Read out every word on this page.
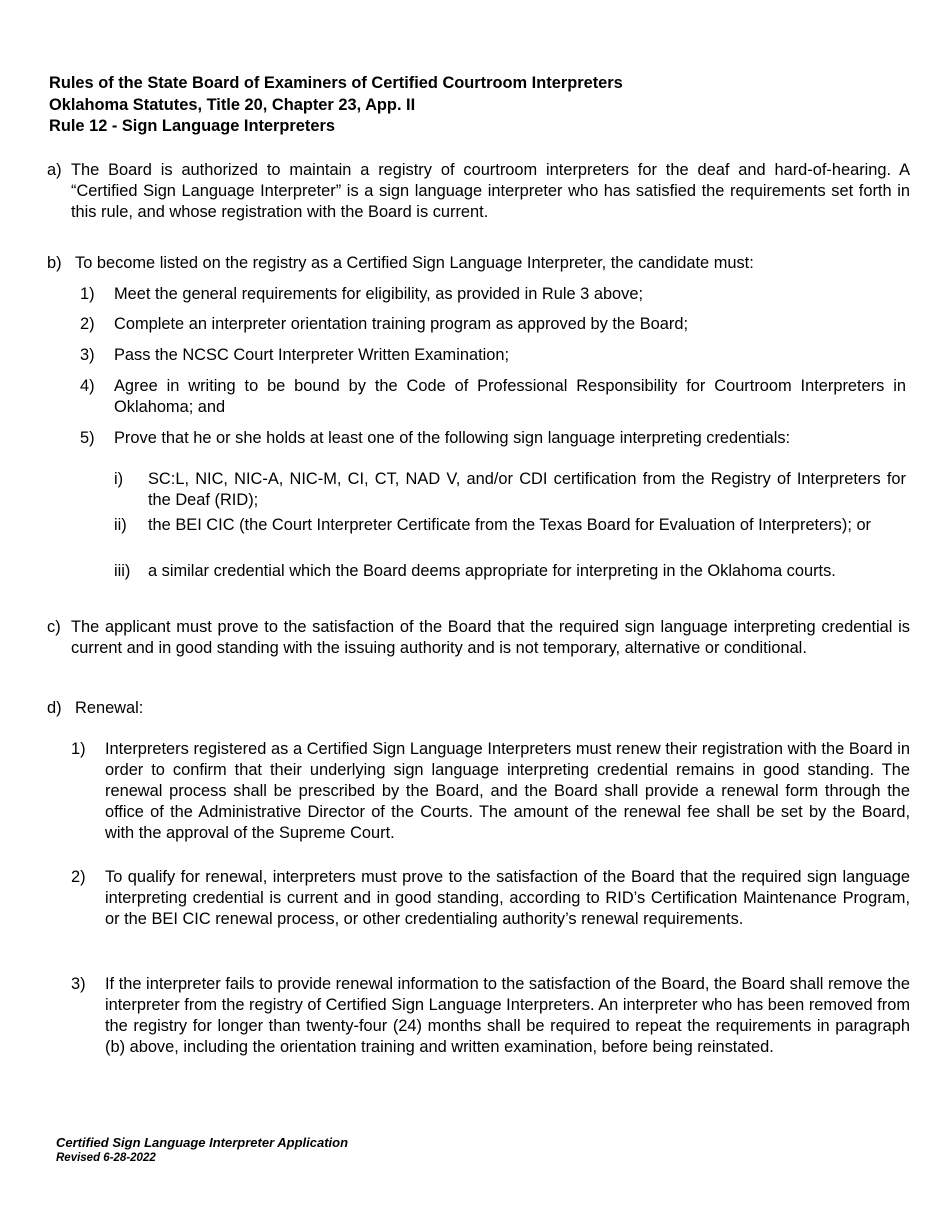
Rules of the State Board of Examiners of Certified Courtroom Interpreters
Oklahoma Statutes, Title 20, Chapter 23, App. II
Rule 12 - Sign Language Interpreters
a) The Board is authorized to maintain a registry of courtroom interpreters for the deaf and hard-of-hearing. A “Certified Sign Language Interpreter” is a sign language interpreter who has satisfied the requirements set forth in this rule, and whose registration with the Board is current.
b) To become listed on the registry as a Certified Sign Language Interpreter, the candidate must:
1) Meet the general requirements for eligibility, as provided in Rule 3 above;
2) Complete an interpreter orientation training program as approved by the Board;
3) Pass the NCSC Court Interpreter Written Examination;
4) Agree in writing to be bound by the Code of Professional Responsibility for Courtroom Interpreters in Oklahoma; and
5) Prove that he or she holds at least one of the following sign language interpreting credentials:
i) SC:L, NIC, NIC-A, NIC-M, CI, CT, NAD V, and/or CDI certification from the Registry of Interpreters for the Deaf (RID);
ii) the BEI CIC (the Court Interpreter Certificate from the Texas Board for Evaluation of Interpreters); or
iii) a similar credential which the Board deems appropriate for interpreting in the Oklahoma courts.
c) The applicant must prove to the satisfaction of the Board that the required sign language interpreting credential is current and in good standing with the issuing authority and is not temporary, alternative or conditional.
d) Renewal:
1) Interpreters registered as a Certified Sign Language Interpreters must renew their registration with the Board in order to confirm that their underlying sign language interpreting credential remains in good standing. The renewal process shall be prescribed by the Board, and the Board shall provide a renewal form through the office of the Administrative Director of the Courts. The amount of the renewal fee shall be set by the Board, with the approval of the Supreme Court.
2) To qualify for renewal, interpreters must prove to the satisfaction of the Board that the required sign language interpreting credential is current and in good standing, according to RID’s Certification Maintenance Program, or the BEI CIC renewal process, or other credentialing authority’s renewal requirements.
3) If the interpreter fails to provide renewal information to the satisfaction of the Board, the Board shall remove the interpreter from the registry of Certified Sign Language Interpreters. An interpreter who has been removed from the registry for longer than twenty-four (24) months shall be required to repeat the requirements in paragraph (b) above, including the orientation training and written examination, before being reinstated.
Certified Sign Language Interpreter Application
Revised 6-28-2022
